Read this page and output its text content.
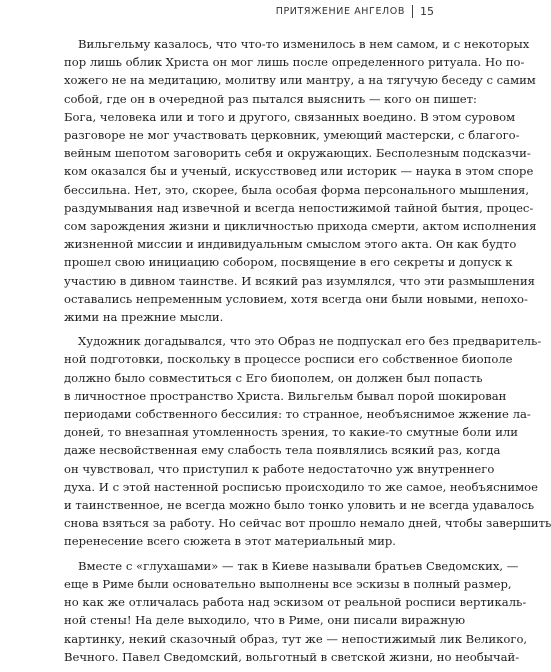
ПРИТЯЖЕНИЕ АНГЕЛОВ 15
Вильгельму казалось, что что-то изменилось в нем самом, и с некоторых
пор лишь облик Христа он мог лишь после определенного ритуала. Но по-
хожего не на медитацию, молитву или мантру, а на тягучую беседу с самим
собой, где он в очередной раз пытался выяснить — кого он пишет:
Бога, человека или и того и другого, связанных воедино. В этом суровом
разговоре не мог участвовать церковник, умеющий мастерски, с благого-
вейным шепотом заговорить себя и окружающих. Бесполезным подсказчи-
ком оказался бы и ученый, искусствовед или историк — наука в этом споре
бессильна. Нет, это, скорее, была особая форма персонального мышления,
раздумывания над извечной и всегда непостижимой тайной бытия, процес-
сом зарождения жизни и цикличностью прихода смерти, актом исполнения
жизненной миссии и индивидуальным смыслом этого акта. Он как будто
прошел свою инициацию собором, посвящение в его секреты и допуск к
участию в дивном таинстве. И всякий раз изумлялся, что эти размышления
оставались непременным условием, хотя всегда они были новыми, непохо-
жими на прежние мысли.
Художник догадывался, что это Образ не подпускал его без предваритель-
ной подготовки, поскольку в процессе росписи его собственное биополе
должно было совместиться с Его биополем, он должен был попасть
в личностное пространство Христа. Вильгельм бывал порой шокирован
периодами собственного бессилия: то странное, необъяснимое жжение ла-
доней, то внезапная утомленность зрения, то какие-то смутные боли или
даже несвойственная ему слабость тела появлялись всякий раз, когда
он чувствовал, что приступил к работе недостаточно уж внутреннего
духа. И с этой настенной росписью происходило то же самое, необъяснимое
и таинственное, не всегда можно было тонко уловить и не всегда удавалось
снова взяться за работу. Но сейчас вот прошло немало дней, чтобы завершить
перенесение всего сюжета в этот материальный мир.
Вместе с «глухашами» — так в Киеве называли братьев Сведомских, —
еще в Риме были основательно выполнены все эскизы в полный размер,
но как же отличалась работа над эскизом от реальной росписи вертикаль-
ной стены! На деле выходило, что в Риме, они писали виражную
картинку, некий сказочный образ, тут же — непостижимый лик Великого,
Вечного. Павел Сведомский, вольготный в светской жизни, но необычай-
